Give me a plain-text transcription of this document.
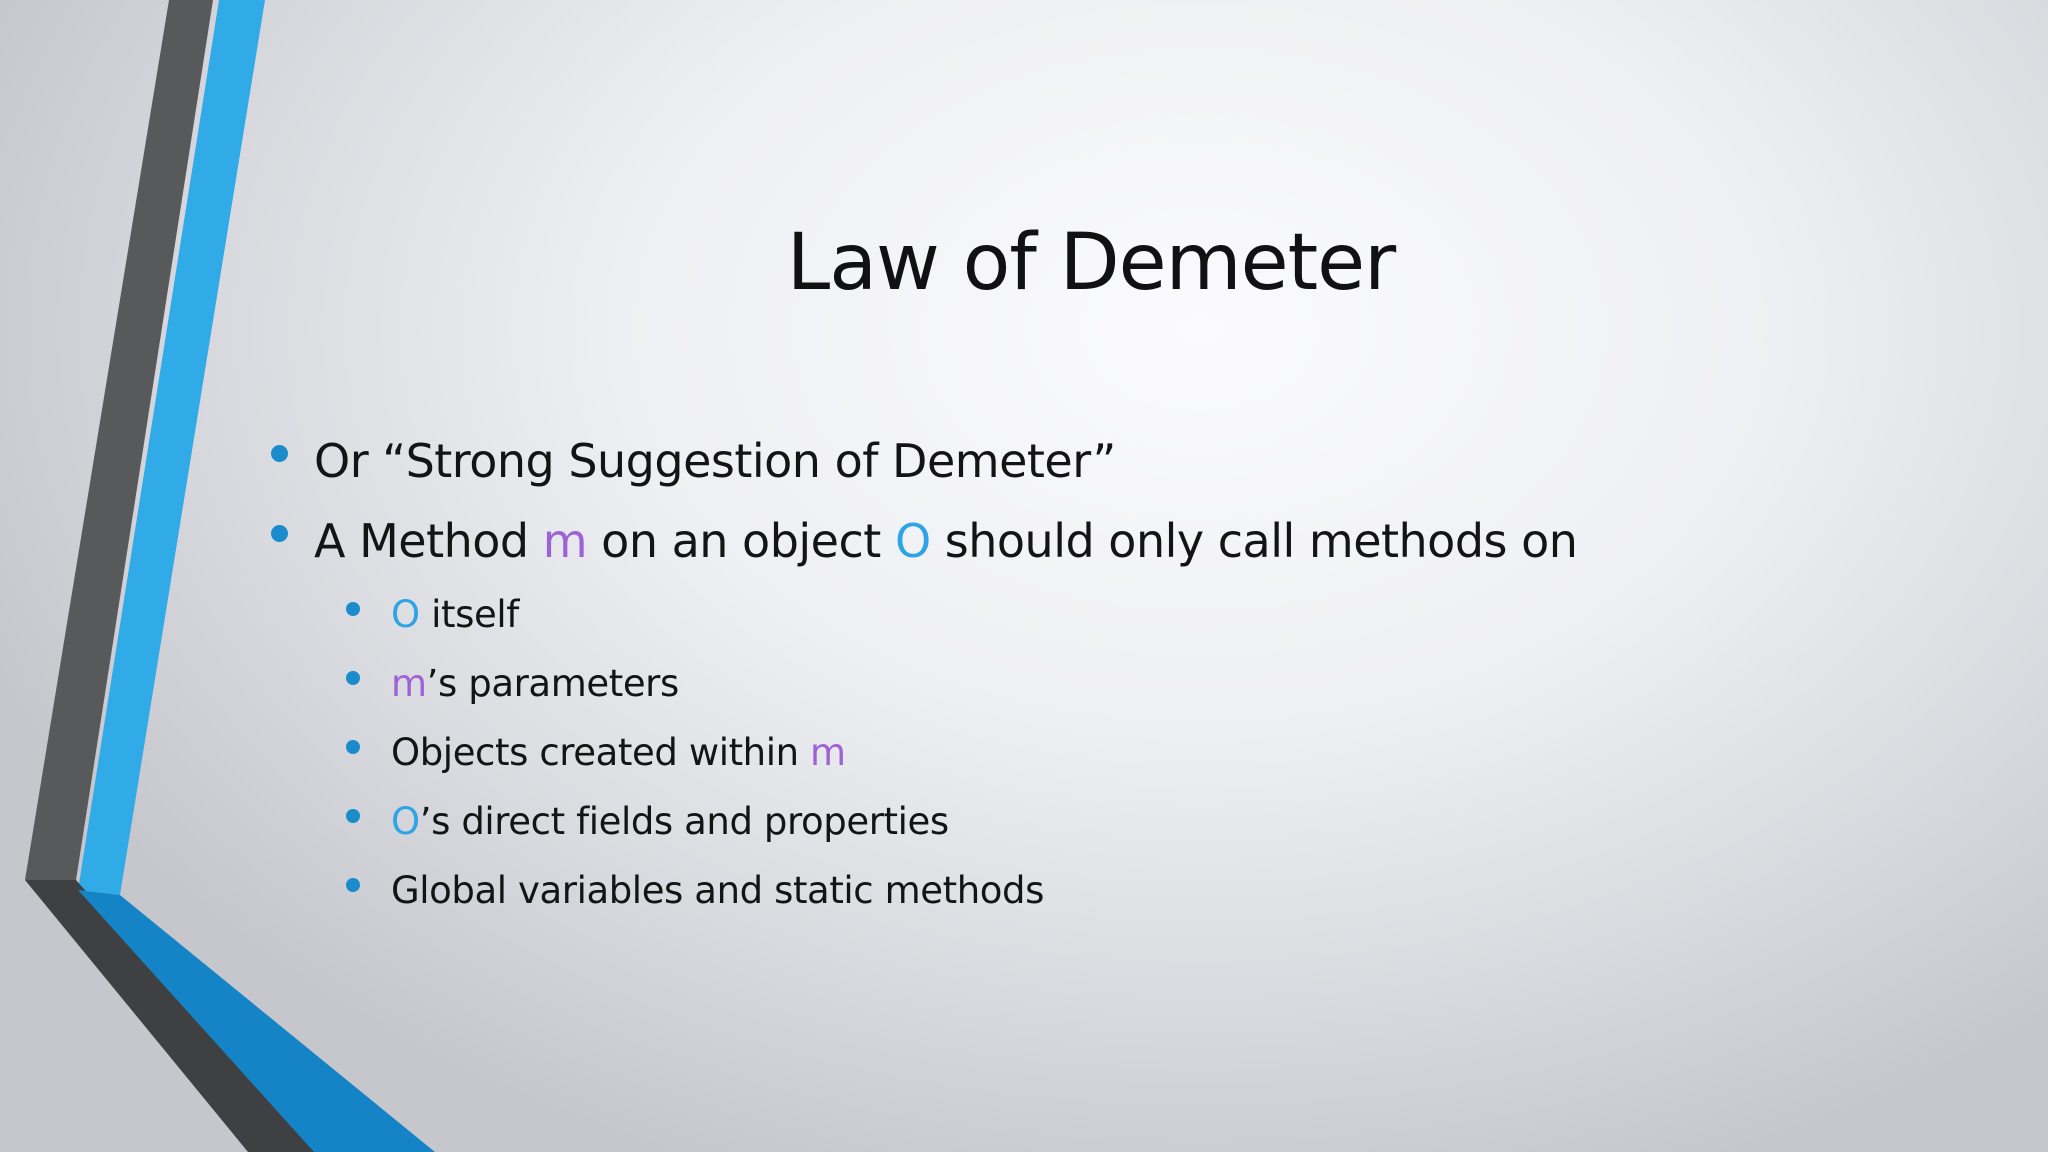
Law of Demeter
Or “Strong Suggestion of Demeter”
A Method m on an object O should only call methods on
O itself
m’s parameters
Objects created within m
O’s direct fields and properties
Global variables and static methods
